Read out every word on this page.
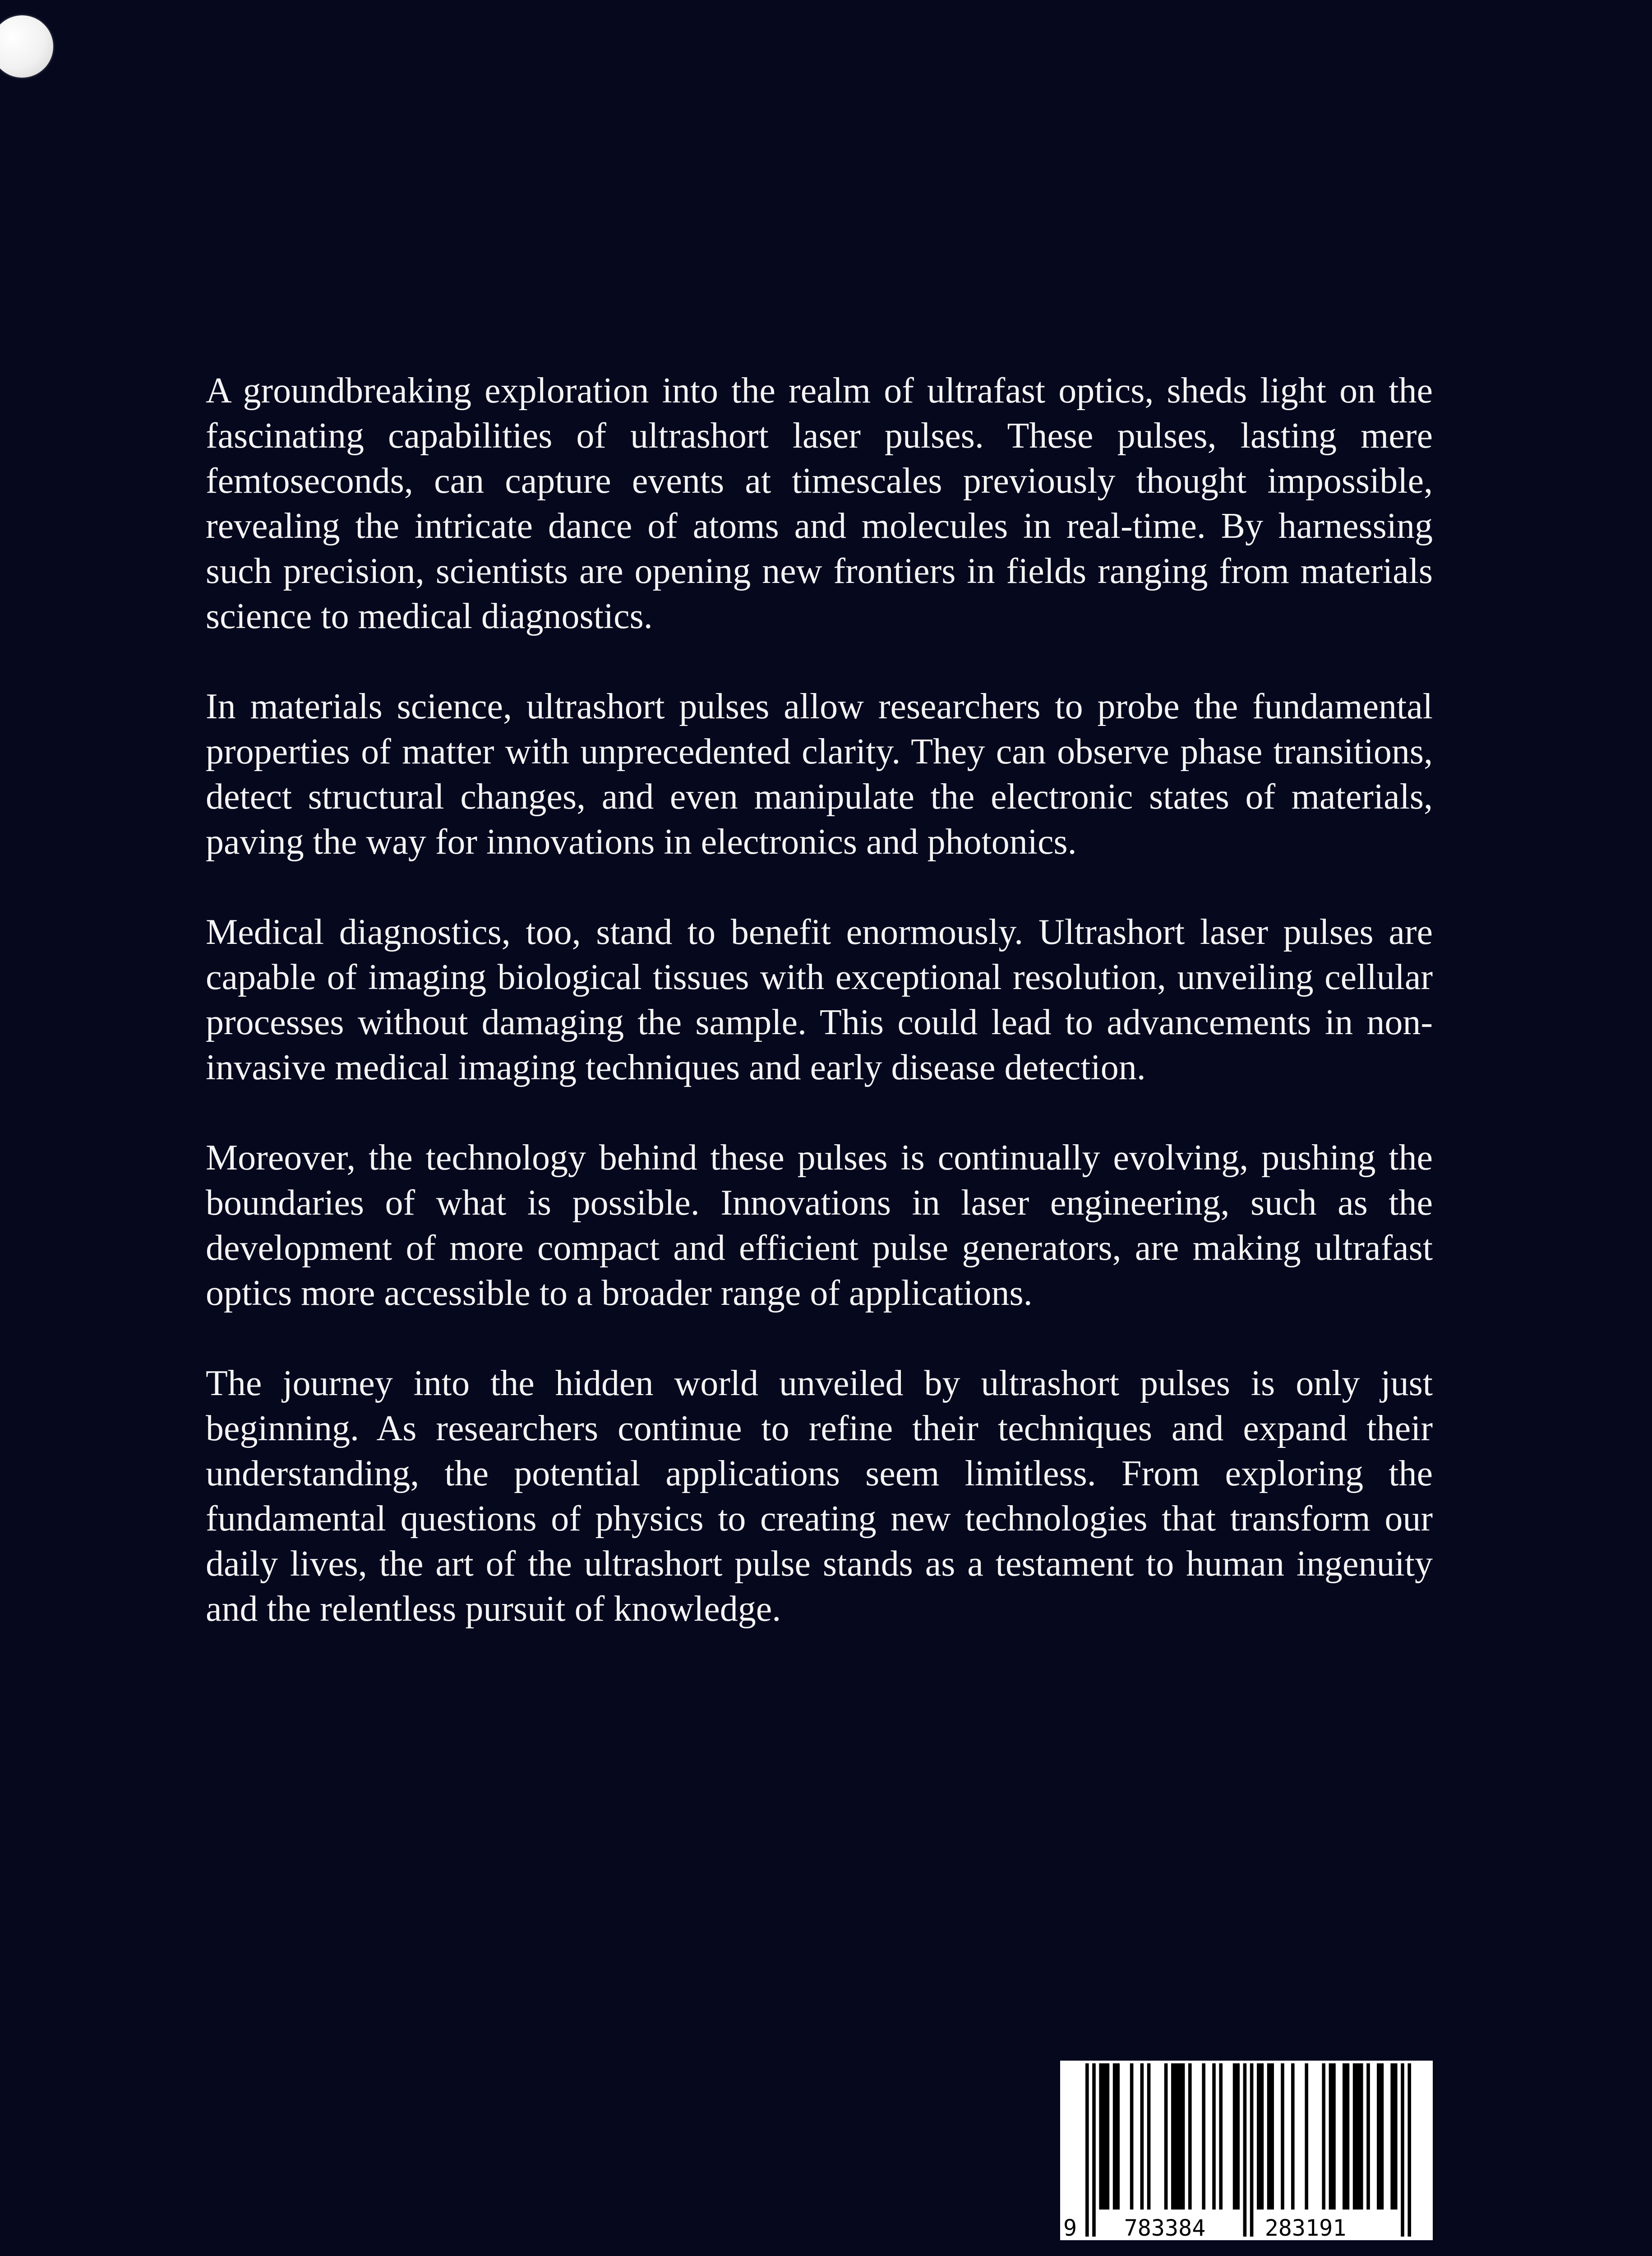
A groundbreaking exploration into the realm of ultrafast optics, sheds light on the fascinating capabilities of ultrashort laser pulses. These pulses, lasting mere femtoseconds, can capture events at timescales previously thought impossible, revealing the intricate dance of atoms and molecules in real-time. By harnessing such precision, scientists are opening new frontiers in fields ranging from materials science to medical diagnostics.

In materials science, ultrashort pulses allow researchers to probe the fundamental properties of matter with unprecedented clarity. They can observe phase transitions, detect structural changes, and even manipulate the electronic states of materials, paving the way for innovations in electronics and photonics.

Medical diagnostics, too, stand to benefit enormously. Ultrashort laser pulses are capable of imaging biological tissues with exceptional resolution, unveiling cellular processes without damaging the sample. This could lead to advancements in non-invasive medical imaging techniques and early disease detection.

Moreover, the technology behind these pulses is continually evolving, pushing the boundaries of what is possible. Innovations in laser engineering, such as the development of more compact and efficient pulse generators, are making ultrafast optics more accessible to a broader range of applications.

The journey into the hidden world unveiled by ultrashort pulses is only just beginning. As researchers continue to refine their techniques and expand their understanding, the potential applications seem limitless. From exploring the fundamental questions of physics to creating new technologies that transform our daily lives, the art of the ultrashort pulse stands as a testament to human ingenuity and the relentless pursuit of knowledge.

9 783384	283191
